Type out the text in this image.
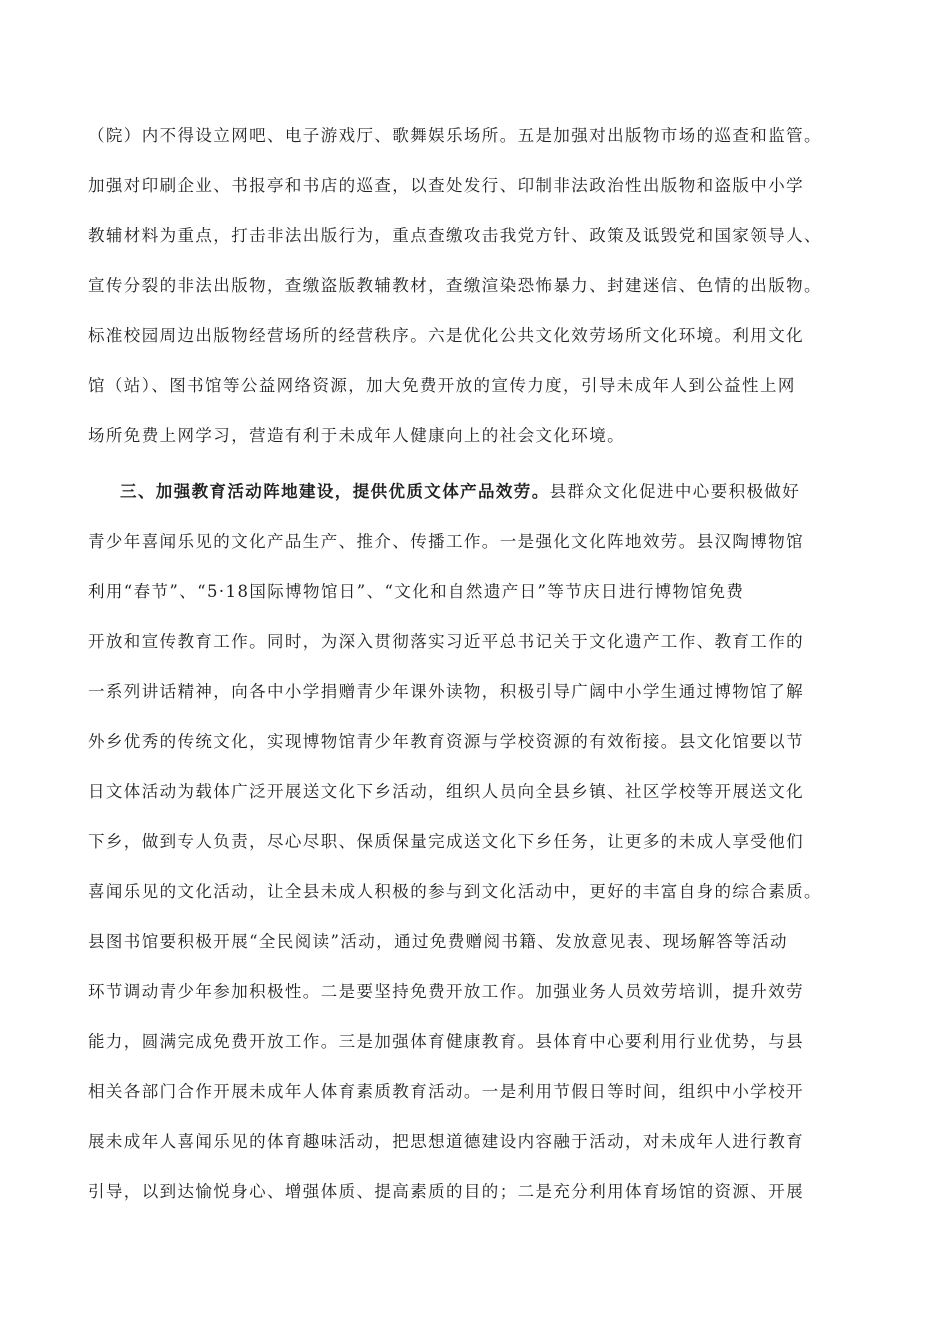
（院）内不得设立网吧、电子游戏厅、歌舞娱乐场所。五是加强对出版物市场的巡查和监管。
加强对印刷企业、书报亭和书店的巡查，以查处发行、印制非法政治性出版物和盗版中小学
教辅材料为重点，打击非法出版行为，重点查缴攻击我党方针、政策及诋毁党和国家领导人、
宣传分裂的非法出版物，查缴盗版教辅教材，查缴渲染恐怖暴力、封建迷信、色情的出版物。
标准校园周边出版物经营场所的经营秩序。六是优化公共文化效劳场所文化环境。利用文化
馆（站）、图书馆等公益网络资源，加大免费开放的宣传力度，引导未成年人到公益性上网
场所免费上网学习，营造有利于未成年人健康向上的社会文化环境。
三、加强教育活动阵地建设，提供优质文体产品效劳。县群众文化促进中心要积极做好
青少年喜闻乐见的文化产品生产、推介、传播工作。一是强化文化阵地效劳。县汉陶博物馆
利用“春节”、“5·18国际博物馆日”、“文化和自然遗产日”等节庆日进行博物馆免费
开放和宣传教育工作。同时，为深入贯彻落实习近平总书记关于文化遗产工作、教育工作的
一系列讲话精神，向各中小学捐赠青少年课外读物，积极引导广阔中小学生通过博物馆了解
外乡优秀的传统文化，实现博物馆青少年教育资源与学校资源的有效衔接。县文化馆要以节
日文体活动为载体广泛开展送文化下乡活动，组织人员向全县乡镇、社区学校等开展送文化
下乡，做到专人负责，尽心尽职、保质保量完成送文化下乡任务，让更多的未成人享受他们
喜闻乐见的文化活动，让全县未成人积极的参与到文化活动中，更好的丰富自身的综合素质。
县图书馆要积极开展“全民阅读”活动，通过免费赠阅书籍、发放意见表、现场解答等活动
环节调动青少年参加积极性。二是要坚持免费开放工作。加强业务人员效劳培训，提升效劳
能力，圆满完成免费开放工作。三是加强体育健康教育。县体育中心要利用行业优势，与县
相关各部门合作开展未成年人体育素质教育活动。一是利用节假日等时间，组织中小学校开
展未成年人喜闻乐见的体育趣味活动，把思想道德建设内容融于活动，对未成年人进行教育
引导，以到达愉悦身心、增强体质、提高素质的目的；二是充分利用体育场馆的资源、开展
